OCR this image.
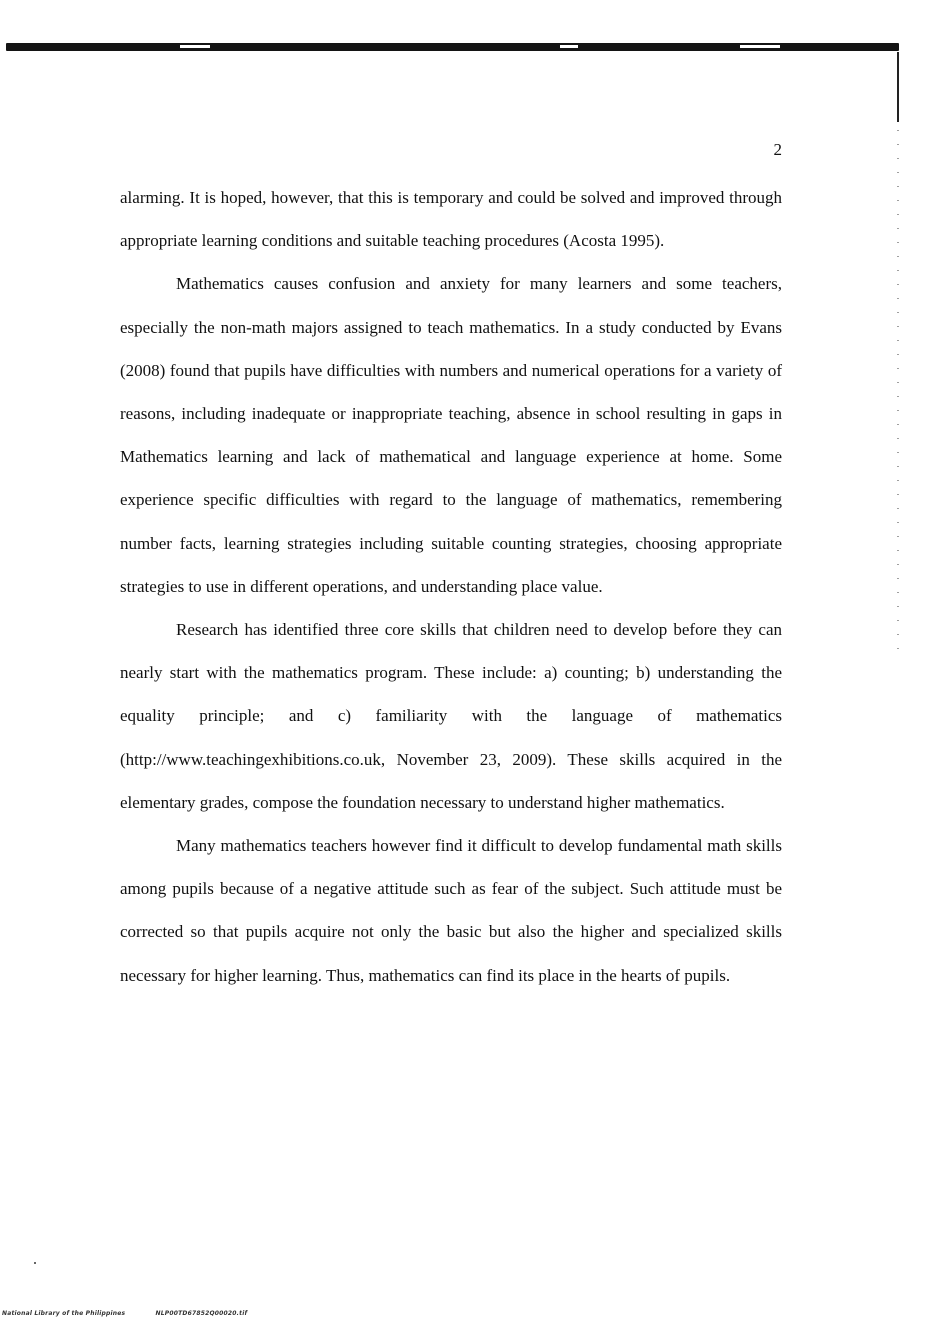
2

alarming. It is hoped, however, that this is temporary and could be solved and improved through appropriate learning conditions and suitable teaching procedures (Acosta 1995).

Mathematics causes confusion and anxiety for many learners and some teachers, especially the non-math majors assigned to teach mathematics. In a study conducted by Evans (2008) found that pupils have difficulties with numbers and numerical operations for a variety of reasons, including inadequate or inappropriate teaching, absence in school resulting in gaps in Mathematics learning and lack of mathematical and language experience at home. Some experience specific difficulties with regard to the language of mathematics, remembering number facts, learning strategies including suitable counting strategies, choosing appropriate strategies to use in different operations, and understanding place value.

Research has identified three core skills that children need to develop before they can nearly start with the mathematics program. These include: a) counting; b) understanding the equality principle; and c) familiarity with the language of mathematics (http://www.teachingexhibitions.co.uk, November 23, 2009). These skills acquired in the elementary grades, compose the foundation necessary to understand higher mathematics.

Many mathematics teachers however find it difficult to develop fundamental math skills among pupils because of a negative attitude such as fear of the subject. Such attitude must be corrected so that pupils acquire not only the basic but also the higher and specialized skills necessary for higher learning. Thus, mathematics can find its place in the hearts of pupils.

National Library of the Philippines	NLP00TD67852Q00020.tif
